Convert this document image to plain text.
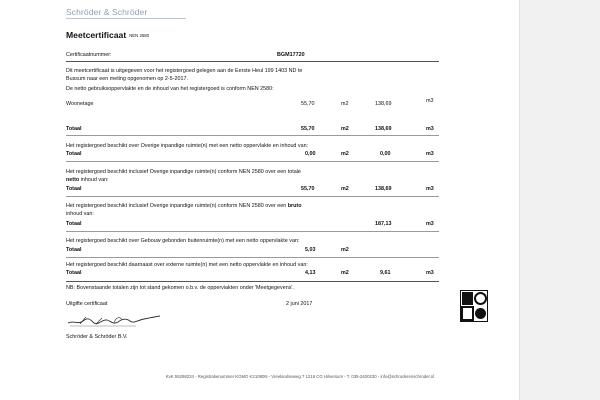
Schröder & Schröder
Meetcertificaat NEN 2580
Certificaatnummer:	BGM17720
Dit meetcertificaat is uitgegeven voor het registergoed gelegen aan de Eerste Heul 199 1403 ND te
Bussum naar een meting opgenomen op 2-5-2017.
De netto gebruiksoppervlakte en de inhoud van het registergoed is conform NEN 2580:
Woonetage	55,70	m2	138,69	m3
Totaal	55,70	m2	138,69	m3
Het registergoed beschikt over Overige inpandige ruimte(n) met een netto oppervlakte en inhoud van:
Totaal	0,00	m2	0,00	m3
Het registergoed beschikt inclusief Overige inpandige ruimte(n) conform NEN 2580 over een totale
netto inhoud van:
Totaal	55,70	m2	138,69	m3
Het registergoed beschikt inclusief Overige inpandige ruimte(n) conform NEN 2580 over een bruto
inhoud van:
Totaal	187,13	m3
Het registergoed beschikt over Gebouw gebonden buitenruimte(n) met een netto oppervlakte van:
Totaal	5,03	m2
Het registergoed beschikt daarnaast over externe ruimte(n) met een netto oppervlakte en inhoud van:
Totaal	4,13	m2	9,61	m3
NB: Bovenstaande totalen zijn tot stand gekomen o.b.v. de opperviakten onder 'Meetgegevens'.
Uitgifte certificaat	2 juni 2017
Schröder & Schröder B.V.
KvK 55298234 - Registratienummer KOMO K21080N - Vreelandseweg 7 1216 CG Hilversum - T. 035-2400230 - info@schroderenschroder.nl
